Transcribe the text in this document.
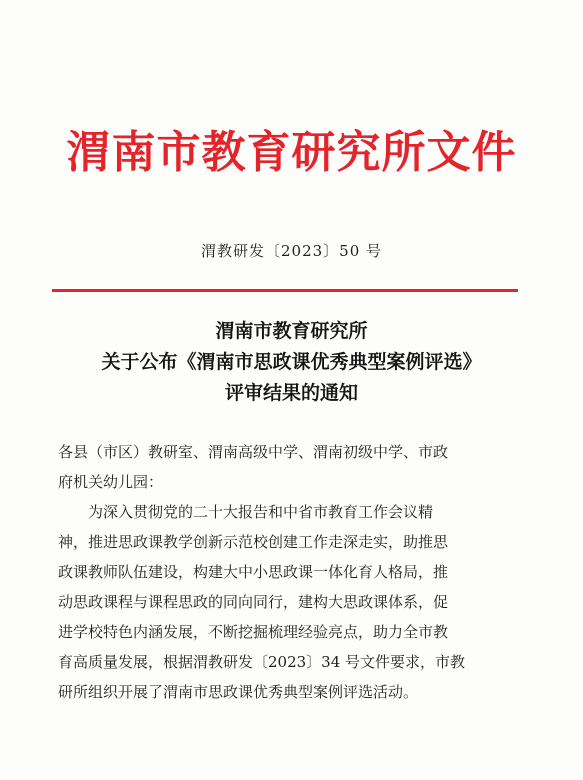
渭南市教育研究所文件
渭教研发〔2023〕50 号
渭南市教育研究所
关于公布《渭南市思政课优秀典型案例评选》
评审结果的通知
各县（市区）教研室、渭南高级中学、渭南初级中学、市政
府机关幼儿园：
为深入贯彻党的二十大报告和中省市教育工作会议精
神，推进思政课教学创新示范校创建工作走深走实，助推思
政课教师队伍建设，构建大中小思政课一体化育人格局，推
动思政课程与课程思政的同向同行，建构大思政课体系，促
进学校特色内涵发展，不断挖掘梳理经验亮点，助力全市教
育高质量发展，根据渭教研发〔2023〕34 号文件要求，市教
研所组织开展了渭南市思政课优秀典型案例评选活动。
